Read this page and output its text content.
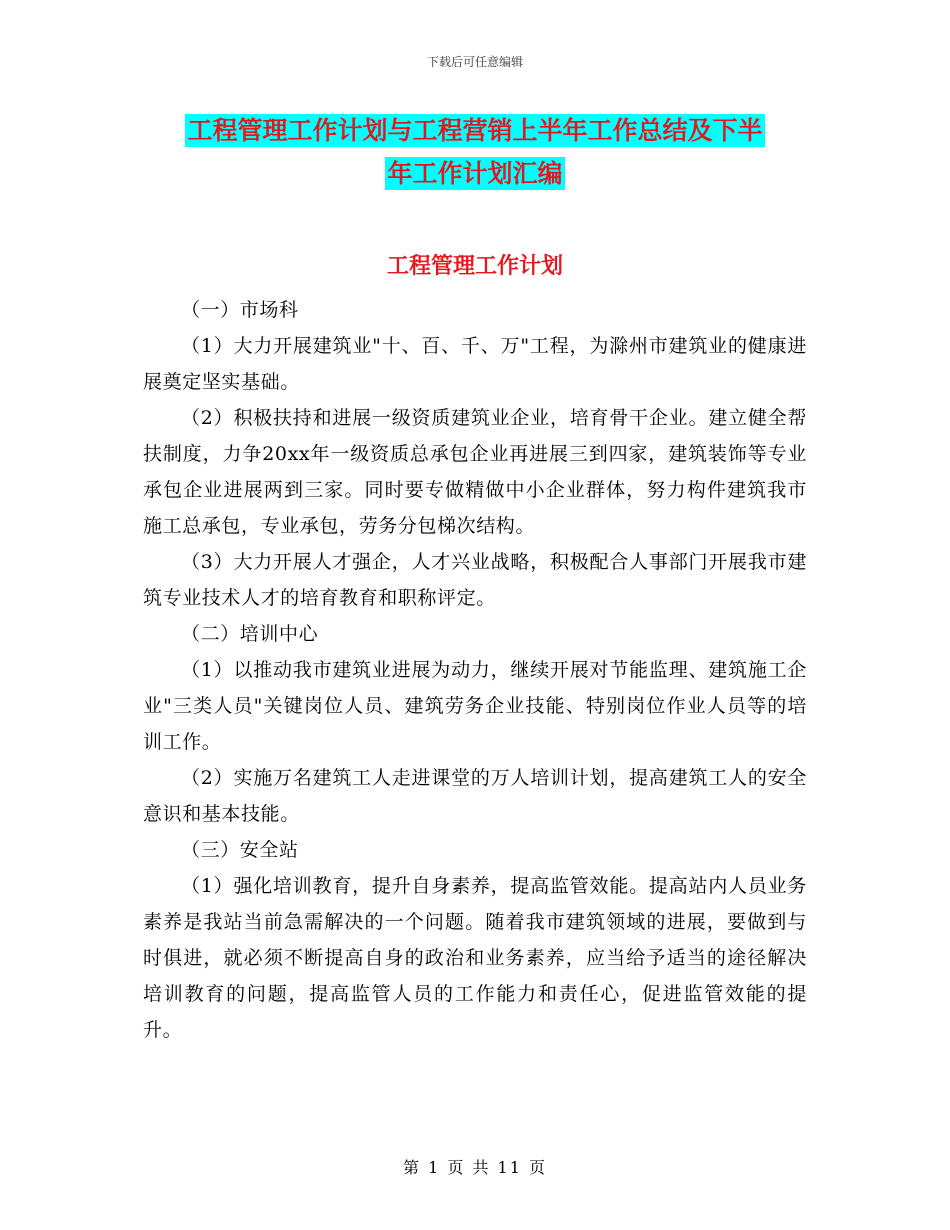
下载后可任意编辑
工程管理工作计划与工程营销上半年工作总结及下半
年工作计划汇编
工程管理工作计划

（一）市场科

（1）大力开展建筑业"十、百、千、万"工程，为滁州市建筑业的健康进展奠定坚实基础。

（2）积极扶持和进展一级资质建筑业企业，培育骨干企业。建立健全帮扶制度，力争20xx年一级资质总承包企业再进展三到四家，建筑装饰等专业承包企业进展两到三家。同时要专做精做中小企业群体，努力构件建筑我市施工总承包，专业承包，劳务分包梯次结构。

（3）大力开展人才强企，人才兴业战略，积极配合人事部门开展我市建筑专业技术人才的培育教育和职称评定。

（二）培训中心

（1）以推动我市建筑业进展为动力，继续开展对节能监理、建筑施工企业"三类人员"关键岗位人员、建筑劳务企业技能、特别岗位作业人员等的培训工作。

（2）实施万名建筑工人走进课堂的万人培训计划，提高建筑工人的安全意识和基本技能。

（三）安全站

（1）强化培训教育，提升自身素养，提高监管效能。提高站内人员业务素养是我站当前急需解决的一个问题。随着我市建筑领域的进展，要做到与时俱进，就必须不断提高自身的政治和业务素养，应当给予适当的途径解决培训教育的问题，提高监管人员的工作能力和责任心，促进监管效能的提升。

第 1 页 共 11 页
